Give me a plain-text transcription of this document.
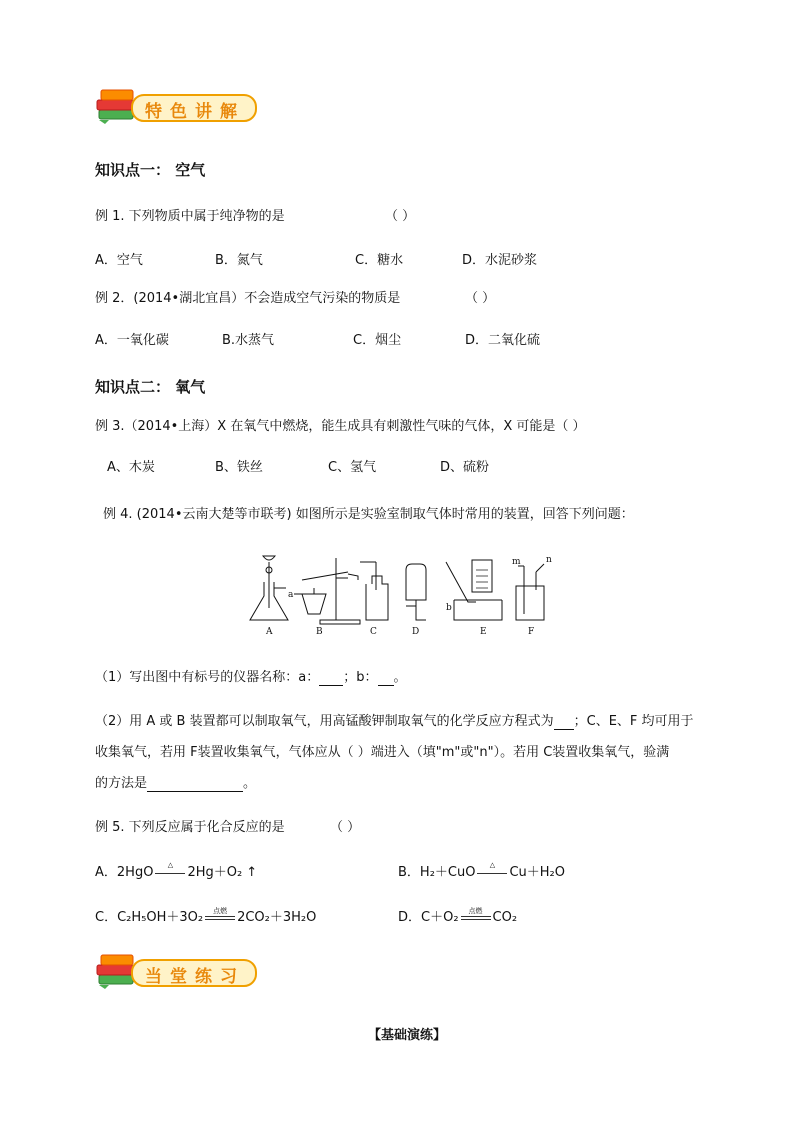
特色讲解
知识点一： 空气
例 1. 下列物质中属于纯净物的是	（ ）
A．空气	B．氮气	C．糖水	D．水泥砂浆
例 2．(2014•湖北宜昌）不会造成空气污染的物质是	（ ）
A．一氧化碳	B.水蒸气	C．烟尘	D．二氧化硫
知识点二： 氧气
例 3.（2014•上海）X 在氧气中燃烧，能生成具有刺激性气味的气体，X 可能是（ ）
A、木炭	B、铁丝	C、氢气	D、硫粉
例 4. (2014•云南大楚等市联考) 如图所示是实验室制取气体时常用的装置，回答下列问题：
A	B	C	D	E	F
a
b
m	n
（1）写出图中有标号的仪器名称：a： ；b： 。
（2）用 A 或 B 装置都可以制取氧气，用高锰酸钾制取氧气的化学反应方程式为 ；C、E、F 均可用于
收集氧气，若用 F装置收集氧气，气体应从（ ）端进入（填"m"或"n"）。若用 C装置收集氧气，验满
的方法是	。
例 5. 下列反应属于化合反应的是	（ ）
A．2HgO
△
2Hg＋O₂ ↑	B．H₂＋CuO
△
Cu＋H₂O
C．C₂H₅OH＋3O₂	点燃 2CO₂＋3H₂O	D．C＋O₂	点燃 CO₂
当堂练习
【基础演练】
